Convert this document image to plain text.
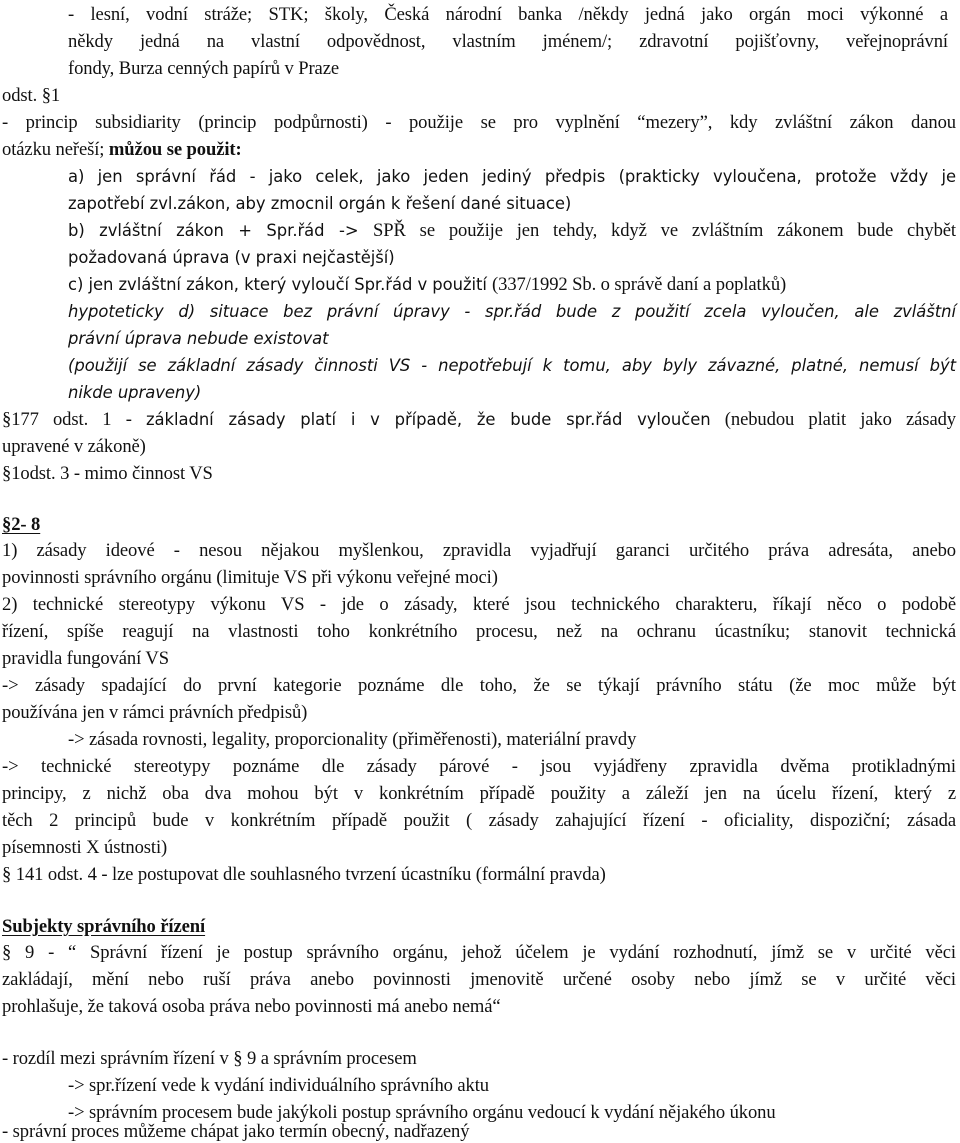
- lesní, vodní stráže; STK; školy, Česká národní banka /někdy jedná jako orgán moci výkonné a

někdy jedná na vlastní odpovědnost, vlastním jménem/; zdravotní pojišťovny, veřejnoprávní

fondy, Burza cenných papírů v Praze

odst. §1

- princip subsidiarity (princip podpůrnosti) - použije se pro vyplnění “mezery”, kdy zvláštní zákon danou

otázku neřeší; můžou se použit:

a) jen správní řád - jako celek, jako jeden jediný předpis (prakticky vyloučena, protože vždy je

zapotřebí zvl.zákon, aby zmocnil orgán k řešení dané situace)

b) zvláštní zákon + Spr.řád -> SPŘ se použije jen tehdy, když ve zvláštním zákonem bude chybět

požadovaná úprava (v praxi nejčastější)

c) jen zvláštní zákon, který vyloučí Spr.řád v použití (337/1992 Sb. o správě daní a poplatků)

hypoteticky d) situace bez právní úpravy - spr.řád bude z použití zcela vyloučen, ale zvláštní

právní úprava nebude existovat

(použijí se základní zásady činnosti VS - nepotřebují k tomu, aby byly závazné, platné, nemusí být

nikde upraveny)

§177 odst. 1 - základní zásady platí i v případě, že bude spr.řád vyloučen (nebudou platit jako zásady

upravené v zákoně)

§1odst. 3 - mimo činnost VS

§2- 8

1) zásady ideové - nesou nějakou myšlenkou, zpravidla vyjadřují garanci určitého práva adresáta, anebo

povinnosti správního orgánu (limituje VS při výkonu veřejné moci)

2) technické stereotypy výkonu VS - jde o zásady, které jsou technického charakteru, říkají něco o podobě

řízení, spíše reagují na vlastnosti toho konkrétního procesu, než na ochranu úcastníku; stanovit technická

pravidla fungování VS

-> zásady spadající do první kategorie poznáme dle toho, že se týkají právního státu (že moc může být

používána jen v rámci právních předpisů)

-> zásada rovnosti, legality, proporcionality (přiměřenosti), materiální pravdy

-> technické stereotypy poznáme dle zásady párové - jsou vyjádřeny zpravidla dvěma protikladnými

principy, z nichž oba dva mohou být v konkrétním případě použity a záleží jen na úcelu řízení, který z

těch 2 principů bude v konkrétním případě použit ( zásady zahajující řízení - oficiality, dispoziční; zásada

písemnosti X ústnosti)

§ 141 odst. 4 - lze postupovat dle souhlasného tvrzení úcastníku (formální pravda)

Subjekty správního řízení

§ 9 - “ Správní řízení je postup správního orgánu, jehož účelem je vydání rozhodnutí, jímž se v určité věci

zakládají, mění nebo ruší práva anebo povinnosti jmenovitě určené osoby nebo jímž se v určité věci

prohlašuje, že taková osoba práva nebo povinnosti má anebo nemá“

- rozdíl mezi správním řízení v § 9 a správním procesem

-> spr.řízení vede k vydání individuálního správního aktu

-> správním procesem bude jakýkoli postup správního orgánu vedoucí k vydání nějakého úkonu

- správní proces můžeme chápat jako termín obecný, nadřazený
